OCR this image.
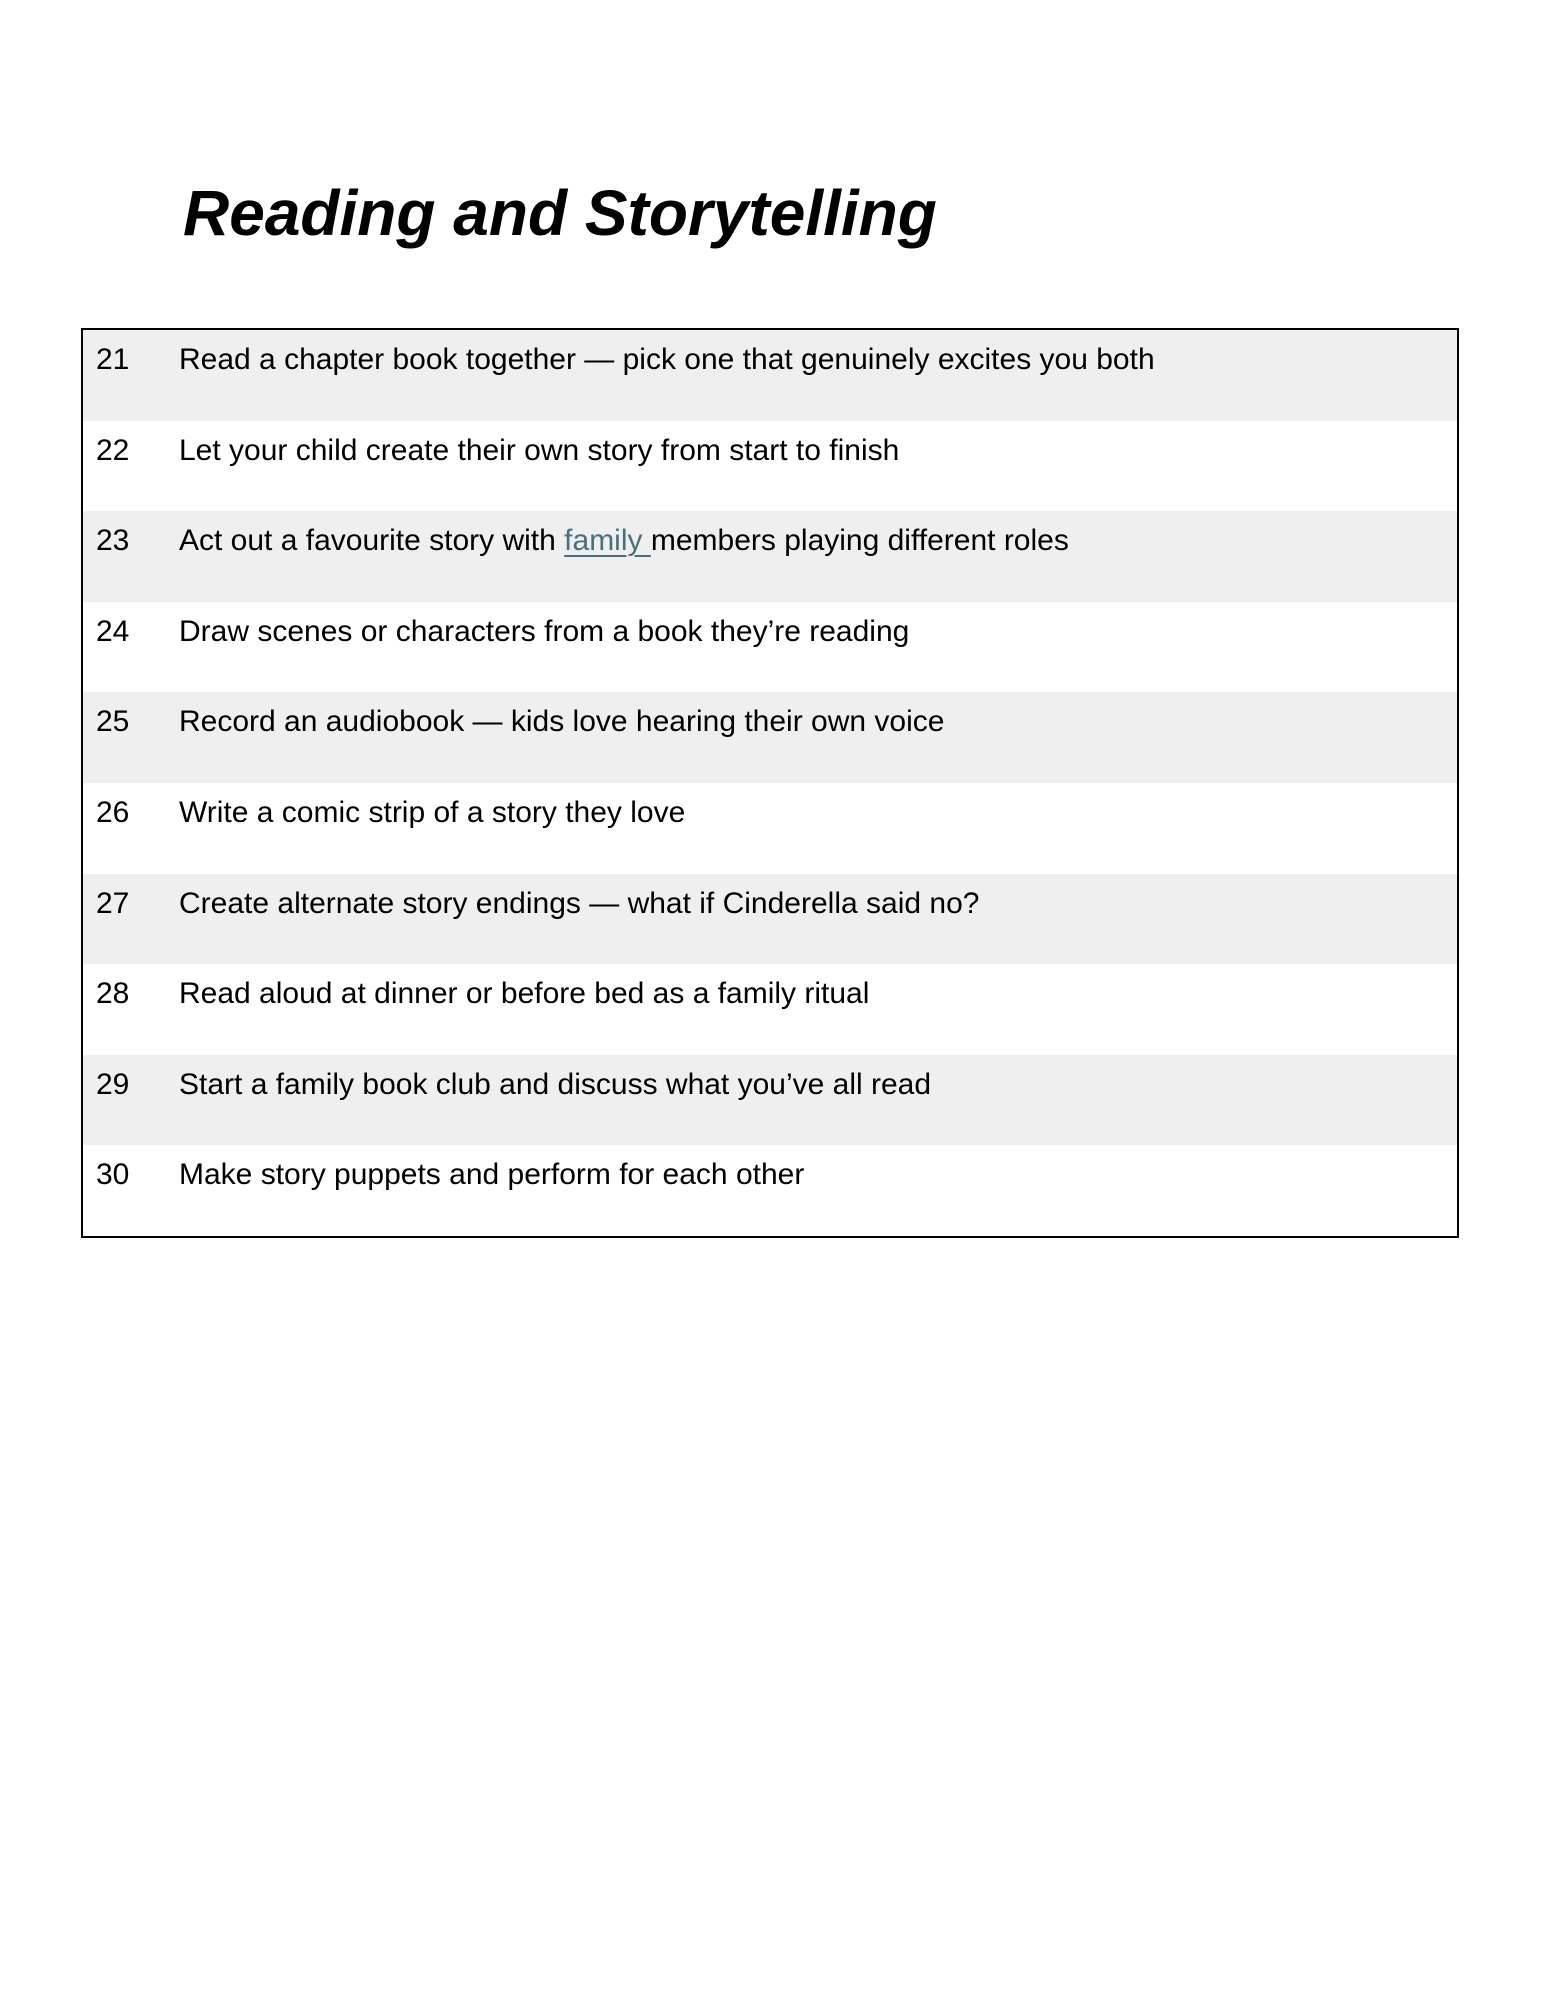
Reading and Storytelling
21 Read a chapter book together — pick one that genuinely excites you both
22 Let your child create their own story from start to finish
23 Act out a favourite story with family members playing different roles
24 Draw scenes or characters from a book they’re reading
25 Record an audiobook — kids love hearing their own voice
26 Write a comic strip of a story they love
27 Create alternate story endings — what if Cinderella said no?
28 Read aloud at dinner or before bed as a family ritual
29 Start a family book club and discuss what you’ve all read
30 Make story puppets and perform for each other
